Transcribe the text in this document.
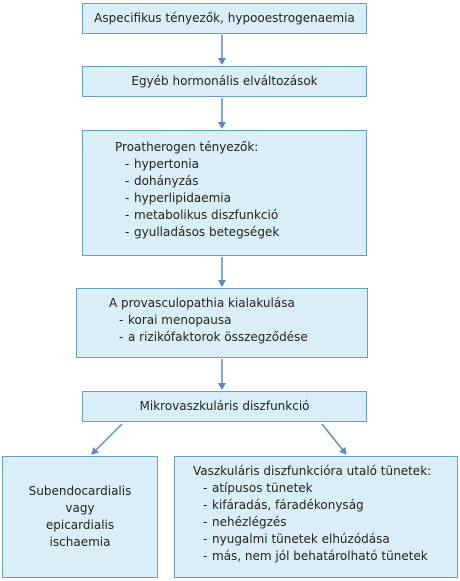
Aspecifikus tényezők, hypooestrogenaemia
Egyéb hormonális elváltozások
Proatherogen tényezők:
- hypertonia
- dohányzás
- hyperlipidaemia
- metabolikus diszfunkció
- gyulladásos betegségek
A provasculopathia kialakulása
- korai menopausa
- a rizikófaktorok összegződése
Mikrovaszkuláris diszfunkció
Subendocardialis
vagy
epicardialis
ischaemia
Vaszkuláris diszfunkcióra utaló tünetek:
- atípusos tünetek
- kifáradás, fáradékonyság
- nehézlégzés
- nyugalmi tünetek elhúzódása
- más, nem jól behatárolható tünetek
